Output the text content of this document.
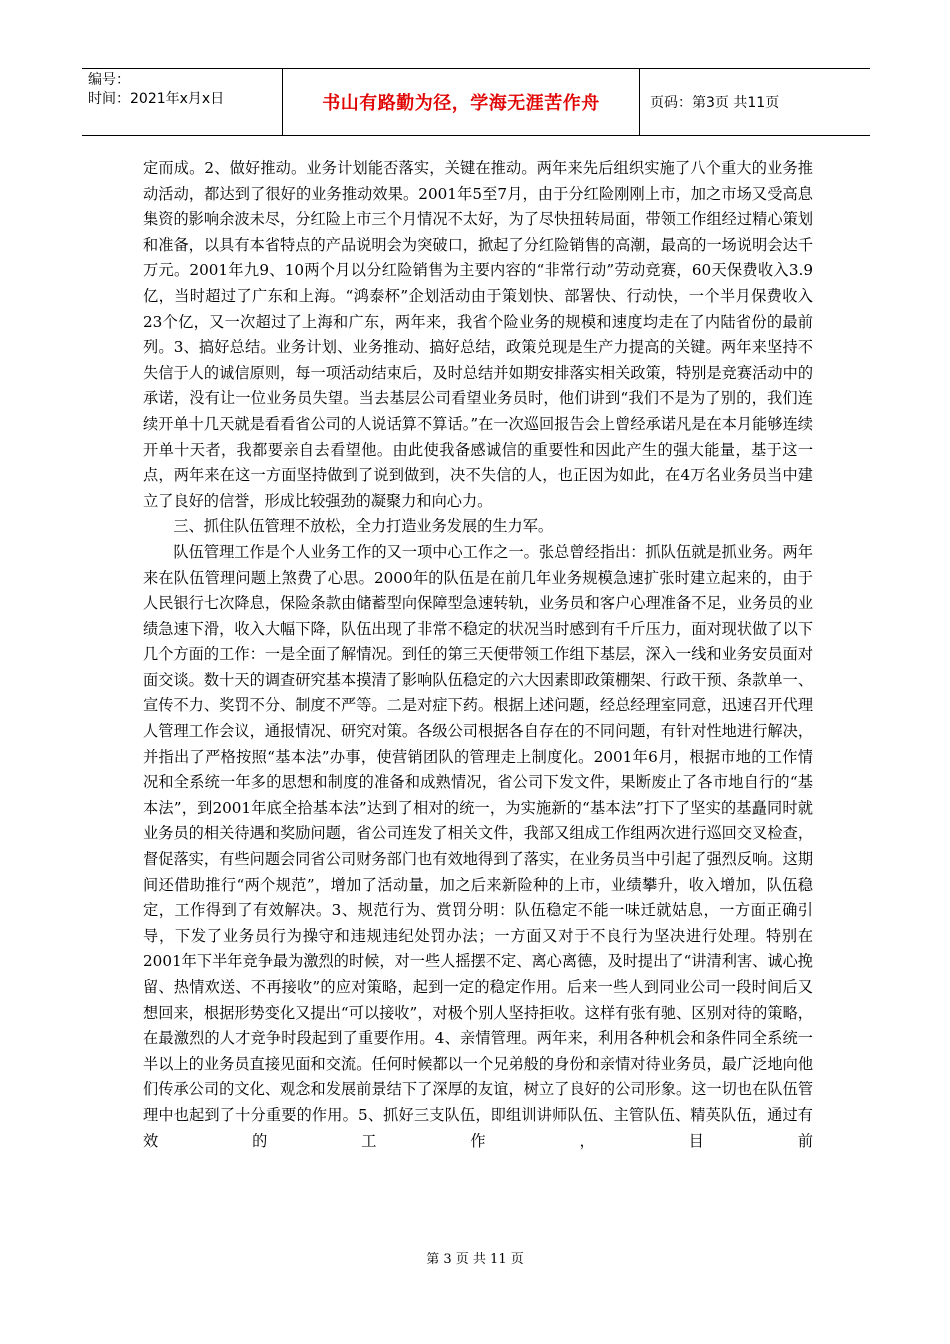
编号：
时间：2021年x月x日	书山有路勤为径，学海无涯苦作舟	页码： 第3页
共11页

定而成。2、做好推动。业务计划能否落实，关键在推动。两年来先后组织实施了八个重大的业务推动活动，都达到了很好的业务推动效果。2001年5至7月，由于分红险刚刚上市，加之市场又受高息集资的影响余波未尽，分红险上市三个月情况不太好，为了尽快扭转局面，带领工作组经过精心策划和准备，以具有本省特点的产品说明会为突破口，掀起了分红险销售的高潮，最高的一场说明会达千万元。2001年九9、10两个月以分红险销售为主要内容的“非常行动”劳动竞赛，60天保费收入3.9亿，当时超过了广东和上海。“鸿泰杯”企划活动由于策划快、部署快、行动快，一个半月保费收入23个亿，又一次超过了上海和广东，两年来，我省个险业务的规模和速度均走在了内陆省份的最前列。3、搞好总结。业务计划、业务推动、搞好总结，政策兑现是生产力提高的关键。两年来坚持不失信于人的诚信原则，每一项活动结束后，及时总结并如期安排落实相关政策，特别是竞赛活动中的承诺，没有让一位业务员失望。当去基层公司看望业务员时，他们讲到“我们不是为了别的，我们连续开单十几天就是看看省公司的人说话算不算话。”在一次巡回报告会上曾经承诺凡是在本月能够连续开单十天者，我都要亲自去看望他。由此使我备感诚信的重要性和因此产生的强大能量，基于这一点，两年来在这一方面坚持做到了说到做到，决不失信的人，也正因为如此，在4万名业务员当中建立了良好的信誉，形成比较强劲的凝聚力和向心力。

三、抓住队伍管理不放松，全力打造业务发展的生力军。

队伍管理工作是个人业务工作的又一项中心工作之一。张总曾经指出：抓队伍就是抓业务。两年来在队伍管理问题上煞费了心思。2000年的队伍是在前几年业务规模急速扩张时建立起来的，由于人民银行七次降息，保险条款由储蓄型向保障型急速转轨，业务员和客户心理准备不足，业务员的业绩急速下滑，收入大幅下降，队伍出现了非常不稳定的状况当时感到有千斤压力，面对现状做了以下几个方面的工作：一是全面了解情况。到任的第三天便带领工作组下基层，深入一线和业务安员面对面交谈。数十天的调查研究基本摸清了影响队伍稳定的六大因素即政策棚架、行政干预、条款单一、宣传不力、奖罚不分、制度不严等。二是对症下药。根据上述问题，经总经理室同意，迅速召开代理人管理工作会议，通报情况、研究对策。各级公司根据各自存在的不同问题，有针对性地进行解决，并指出了严格按照“基本法”办事，使营销团队的管理走上制度化。2001年6月，根据市地的工作情况和全系统一年多的思想和制度的准备和成熟情况，省公司下发文件，果断废止了各市地自行的“基本法”，到2001年底全拾基本法”达到了相对的统一，为实施新的“基本法”打下了坚实的基矗同时就业务员的相关待遇和奖励问题，省公司连发了相关文件，我部又组成工作组两次进行巡回交叉检查，督促落实，有些问题会同省公司财务部门也有效地得到了落实，在业务员当中引起了强烈反响。这期间还借助推行“两个规范”，增加了活动量，加之后来新险种的上市，业绩攀升，收入增加，队伍稳定，工作得到了有效解决。3、规范行为、赏罚分明：队伍稳定不能一味迁就姑息，一方面正确引导，下发了业务员行为操守和违规违纪处罚办法；一方面又对于不良行为坚决进行处理。特别在2001年下半年竞争最为激烈的时候，对一些人摇摆不定、离心离德，及时提出了“讲清利害、诚心挽留、热情欢送、不再接收”的应对策略，起到一定的稳定作用。后来一些人到同业公司一段时间后又想回来，根据形势变化又提出“可以接收”，对极个别人坚持拒收。这样有张有驰、区别对待的策略，在最激烈的人才竞争时段起到了重要作用。4、亲情管理。两年来，利用各种机会和条件同全系统一半以上的业务员直接见面和交流。任何时候都以一个兄弟般的身份和亲情对待业务员，最广泛地向他们传承公司的文化、观念和发展前景结下了深厚的友谊，树立了良好的公司形象。这一切也在队伍管理中也起到了十分重要的作用。5、抓好三支队伍，即组训讲师队伍、主管队伍、精英队伍，通过有效的工作，目前

第 3 页 共 11 页
